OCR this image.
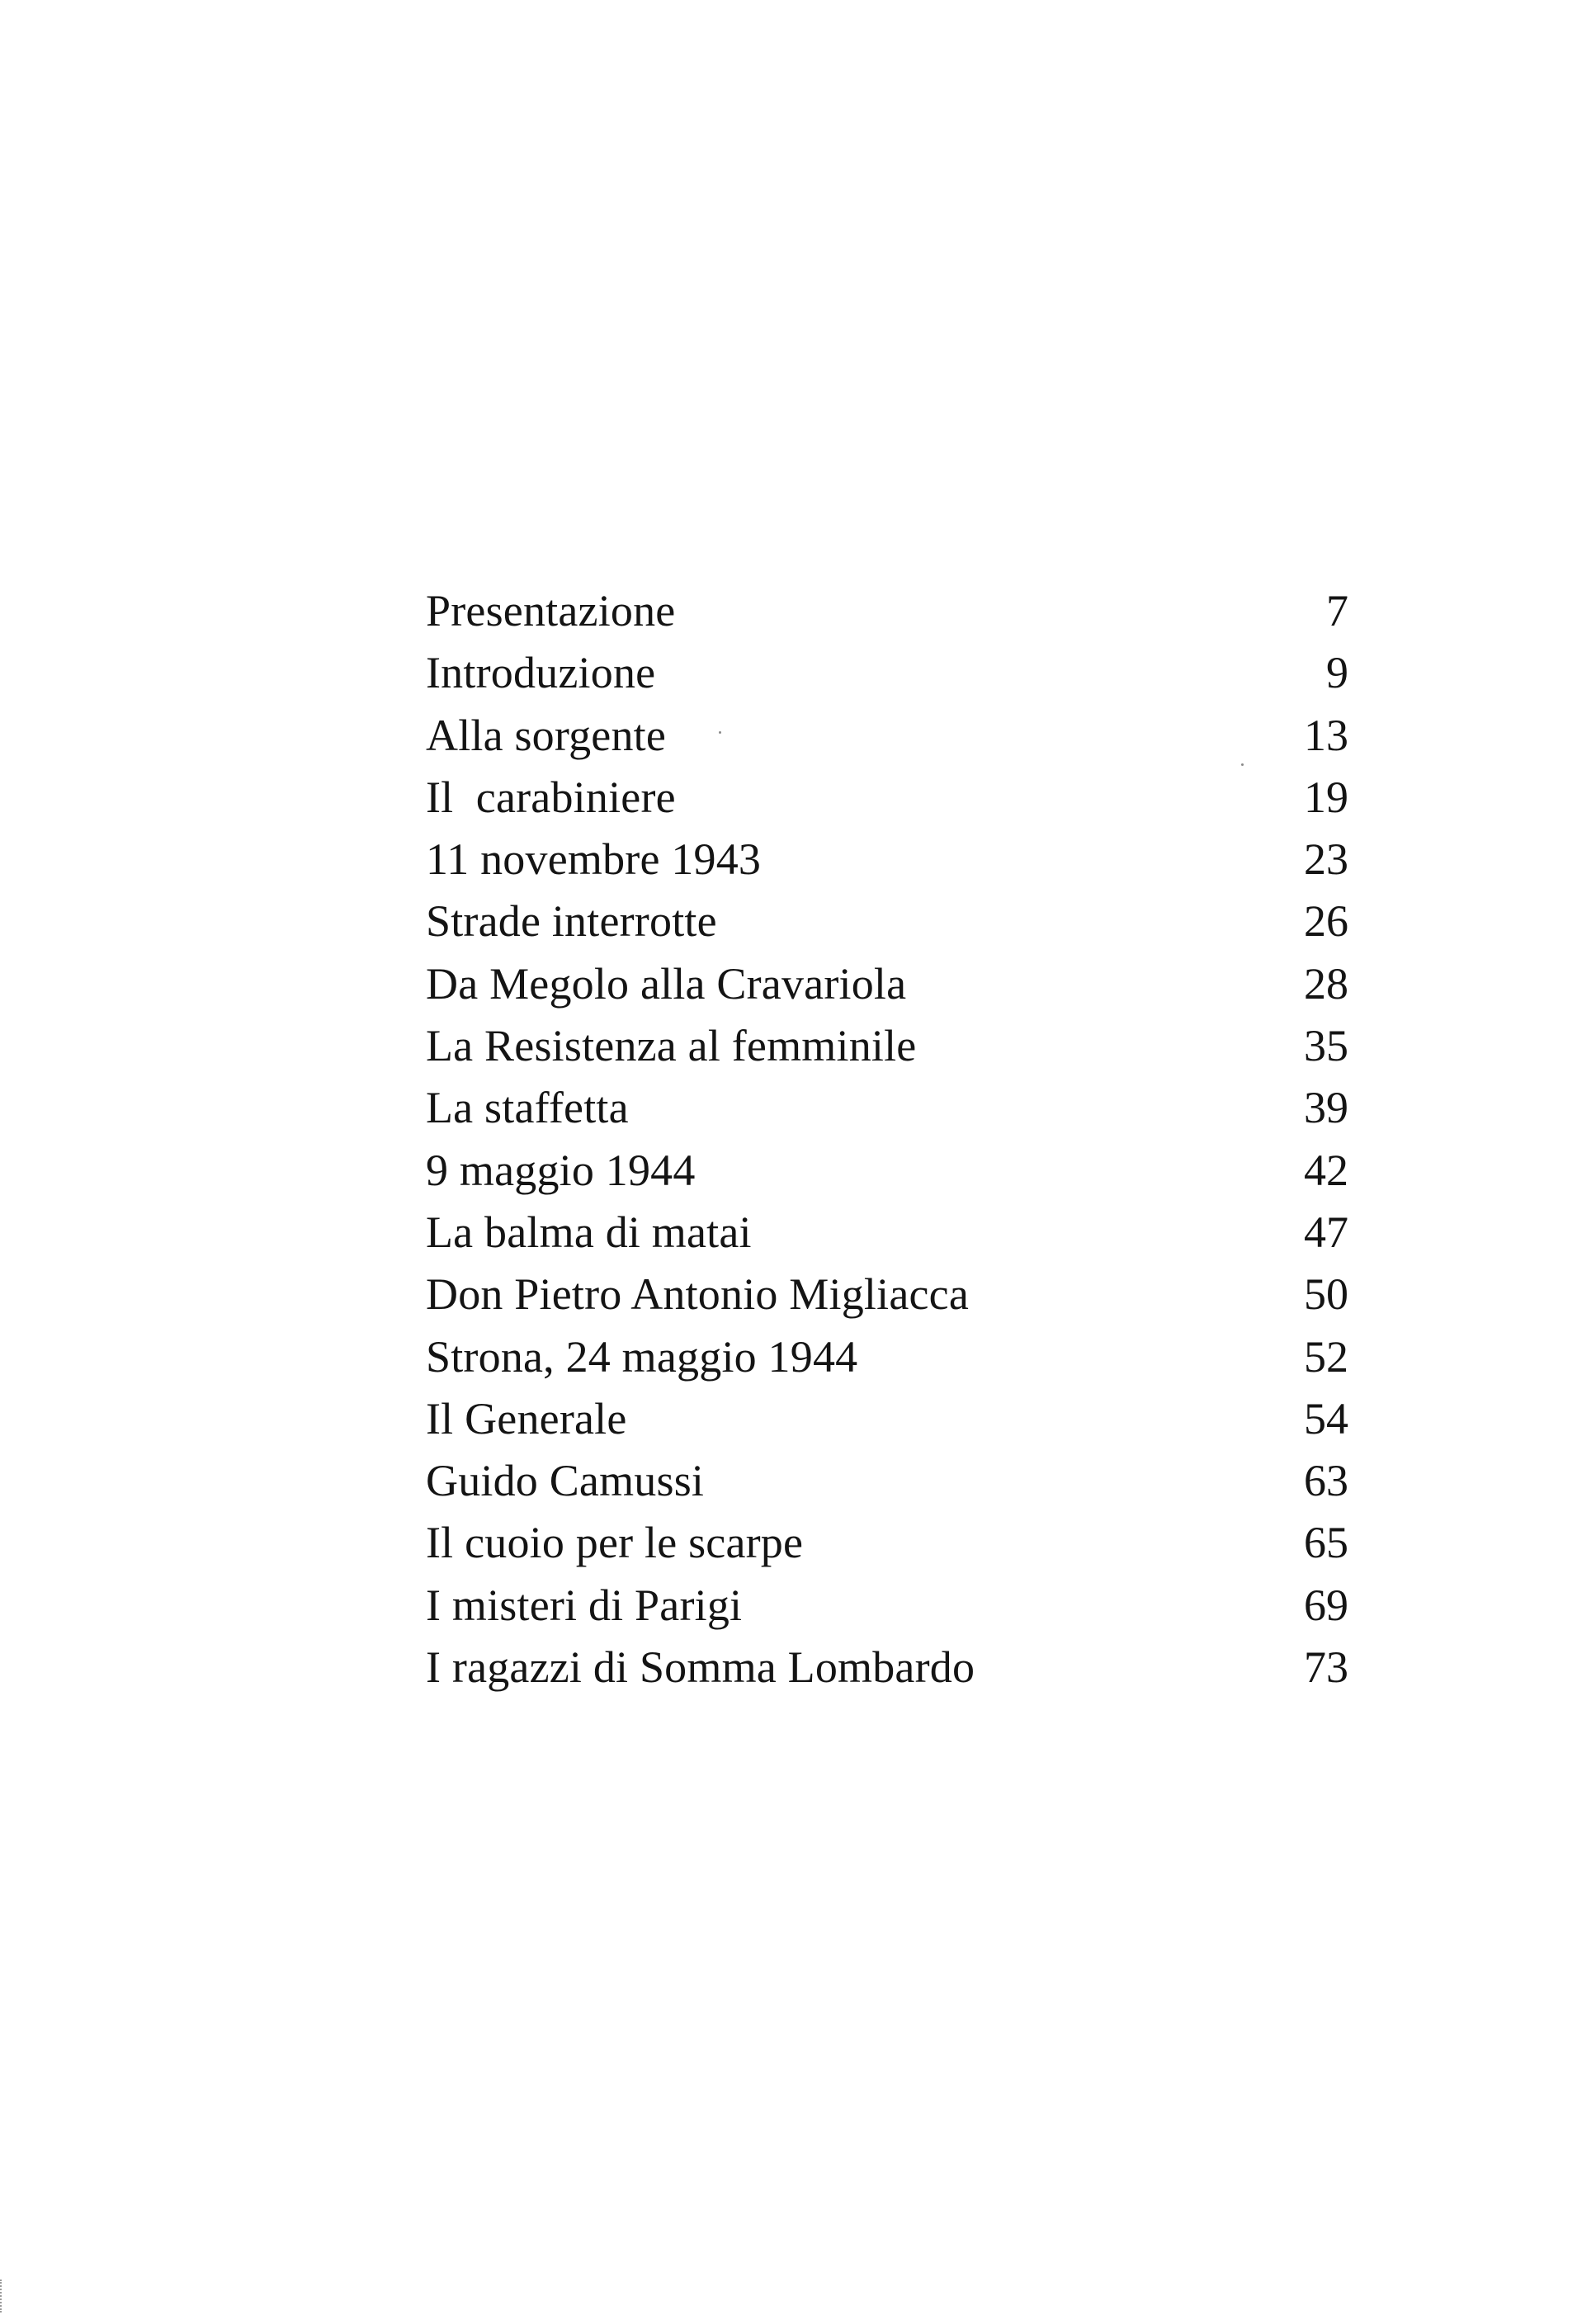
Presentazione	7
Introduzione	9
Alla sorgente	13
Il  carabiniere	19
11 novembre 1943	23
Strade interrotte	26
Da Megolo alla Cravariola	28
La Resistenza al femminile	35
La staffetta	39
9 maggio 1944	42
La balma di matai	47
Don Pietro Antonio Migliacca	50
Strona, 24 maggio 1944	52
Il Generale	54
Guido Camussi	63
Il cuoio per le scarpe	65
I misteri di Parigi	69
I ragazzi di Somma Lombardo	73
